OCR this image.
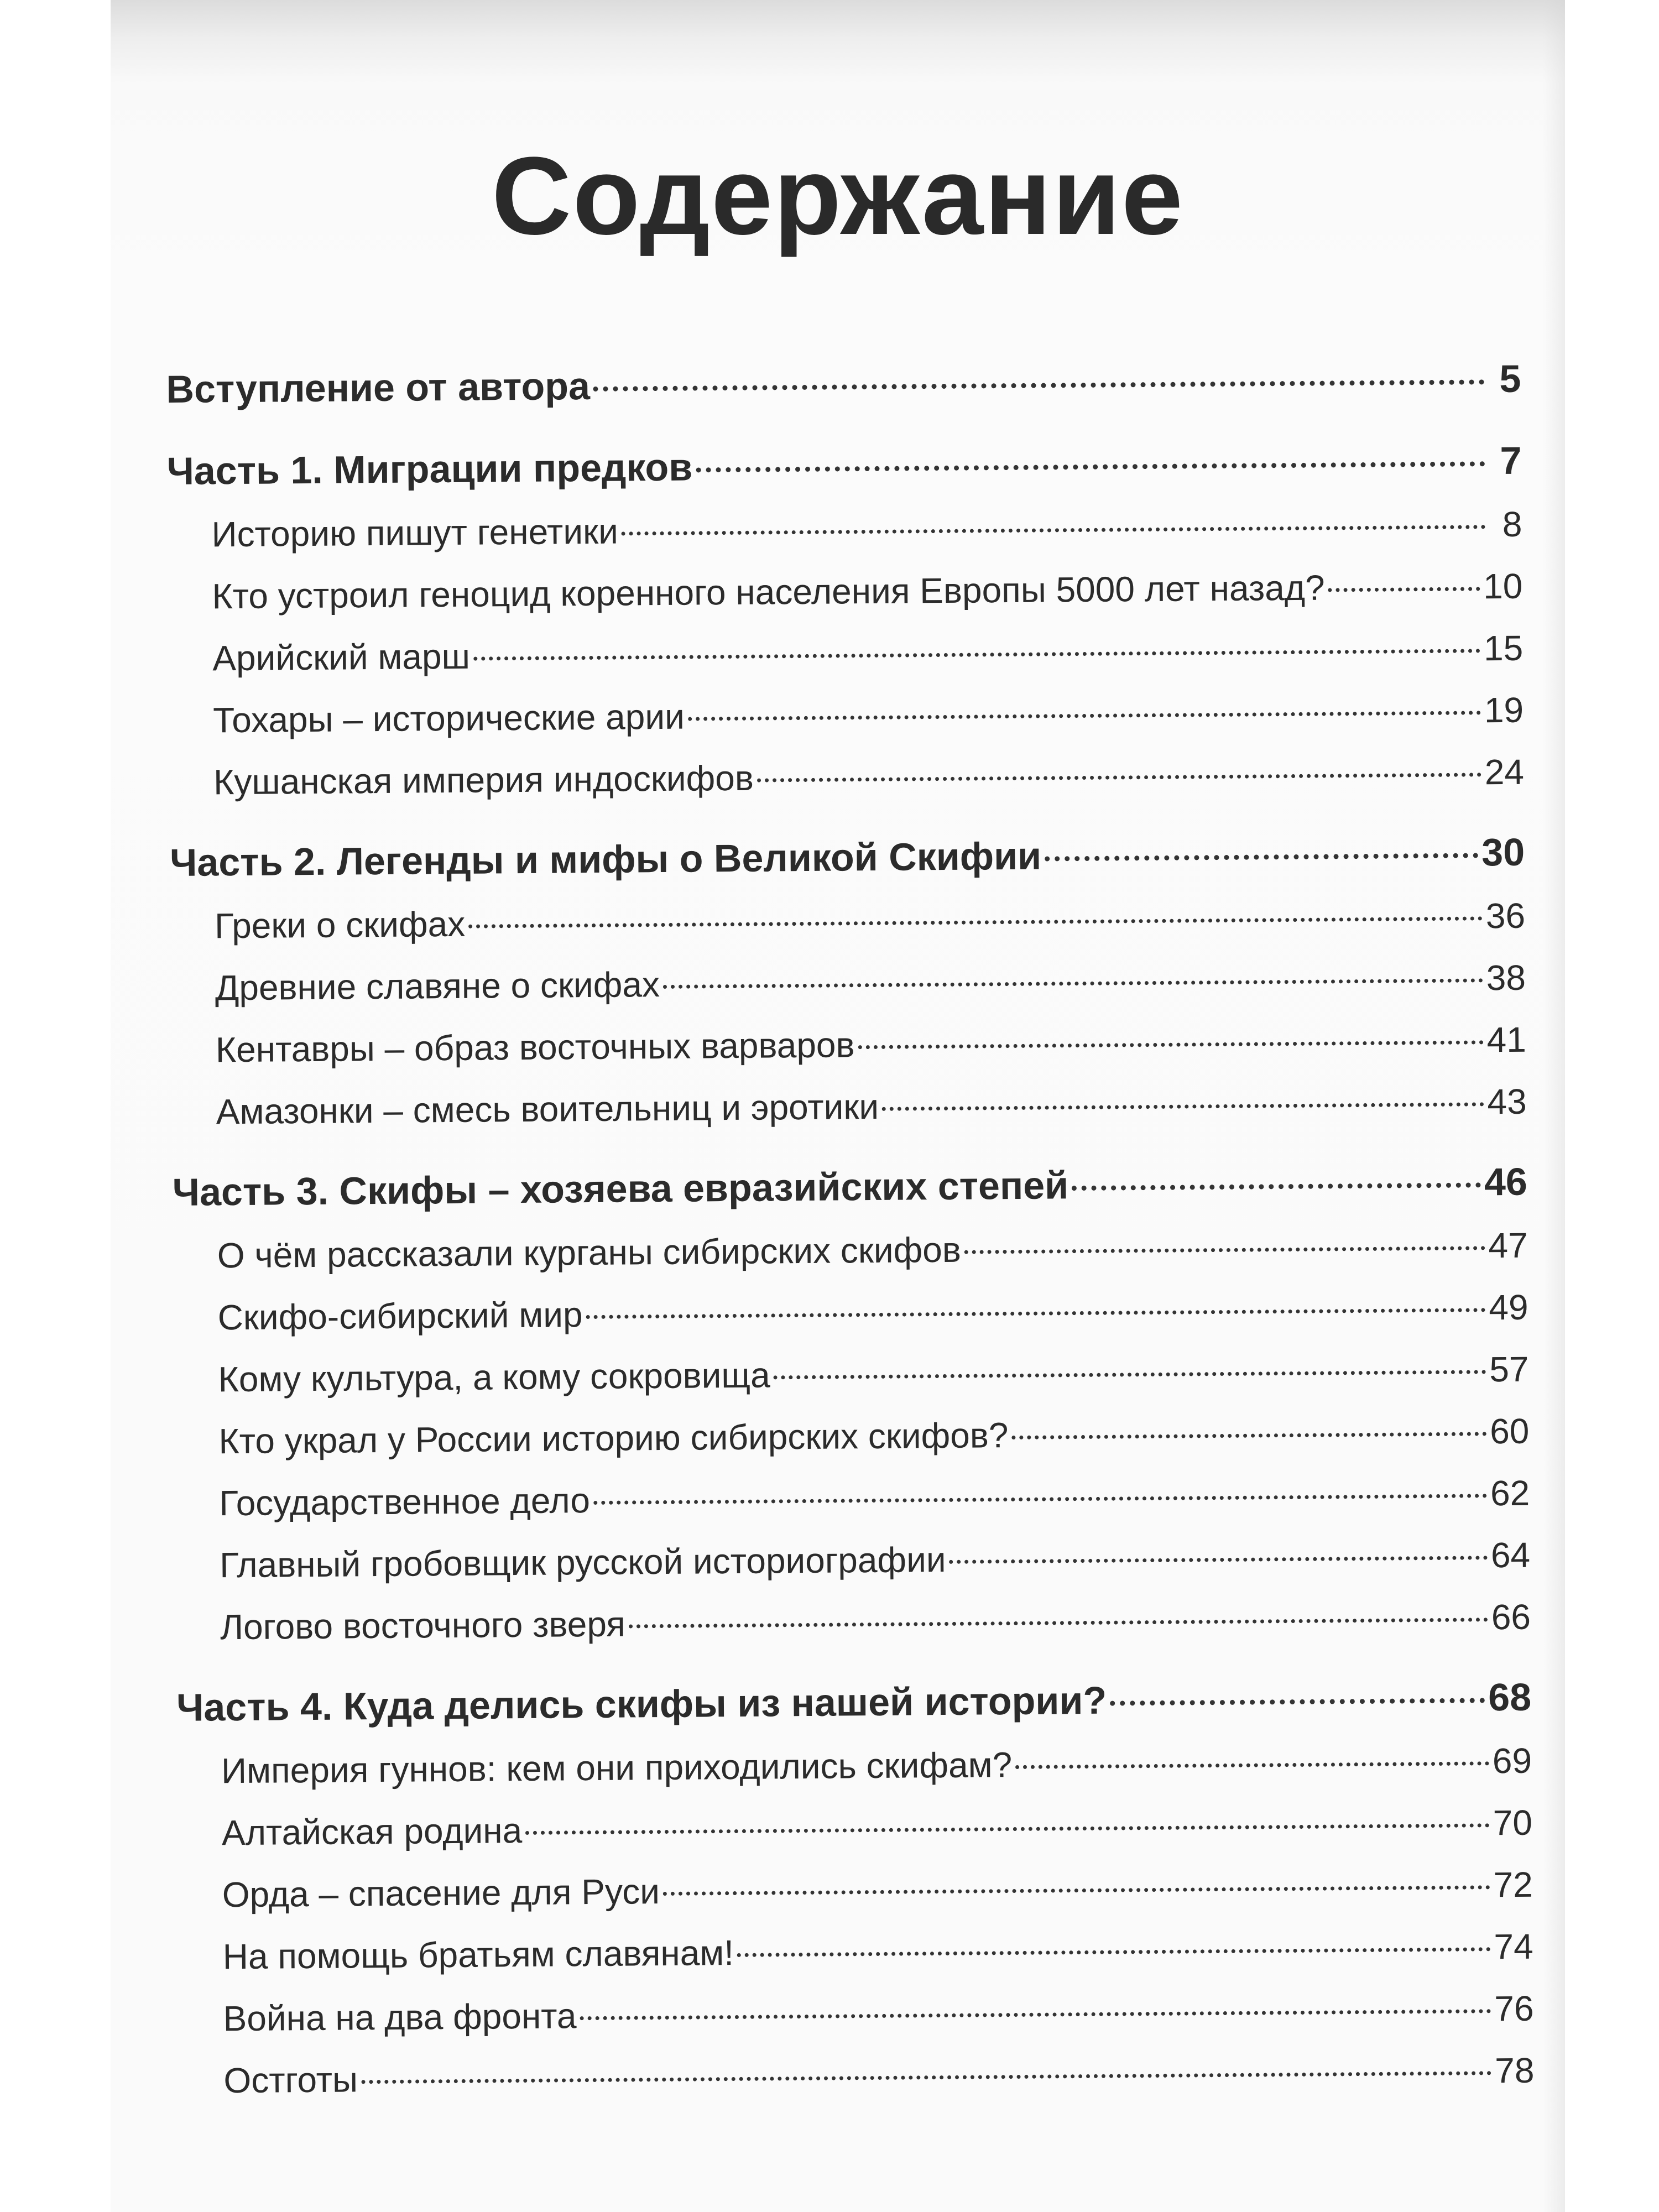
Содержание
Вступление от автора	5
Часть 1. Миграции предков	7
Историю пишут генетики	8
Кто устроил геноцид коренного населения Европы 5000 лет назад?	10
Арийский марш	15
Тохары – исторические арии	19
Кушанская империя индоскифов	24
Часть 2. Легенды и мифы о Великой Скифии	30
Греки о скифах	36
Древние славяне о скифах	38
Кентавры – образ восточных варваров	41
Амазонки – смесь воительниц и эротики	43
Часть 3. Скифы – хозяева евразийских степей	46
О чём рассказали курганы сибирских скифов	47
Скифо-сибирский мир	49
Кому культура, а кому сокровища	57
Кто украл у России историю сибирских скифов?	60
Государственное дело	62
Главный гробовщик русской историографии	64
Логово восточного зверя	66
Часть 4. Куда делись скифы из нашей истории?	68
Империя гуннов: кем они приходились скифам?	69
Алтайская родина	70
Орда – спасение для Руси	72
На помощь братьям славянам!	74
Война на два фронта	76
Остготы	78
